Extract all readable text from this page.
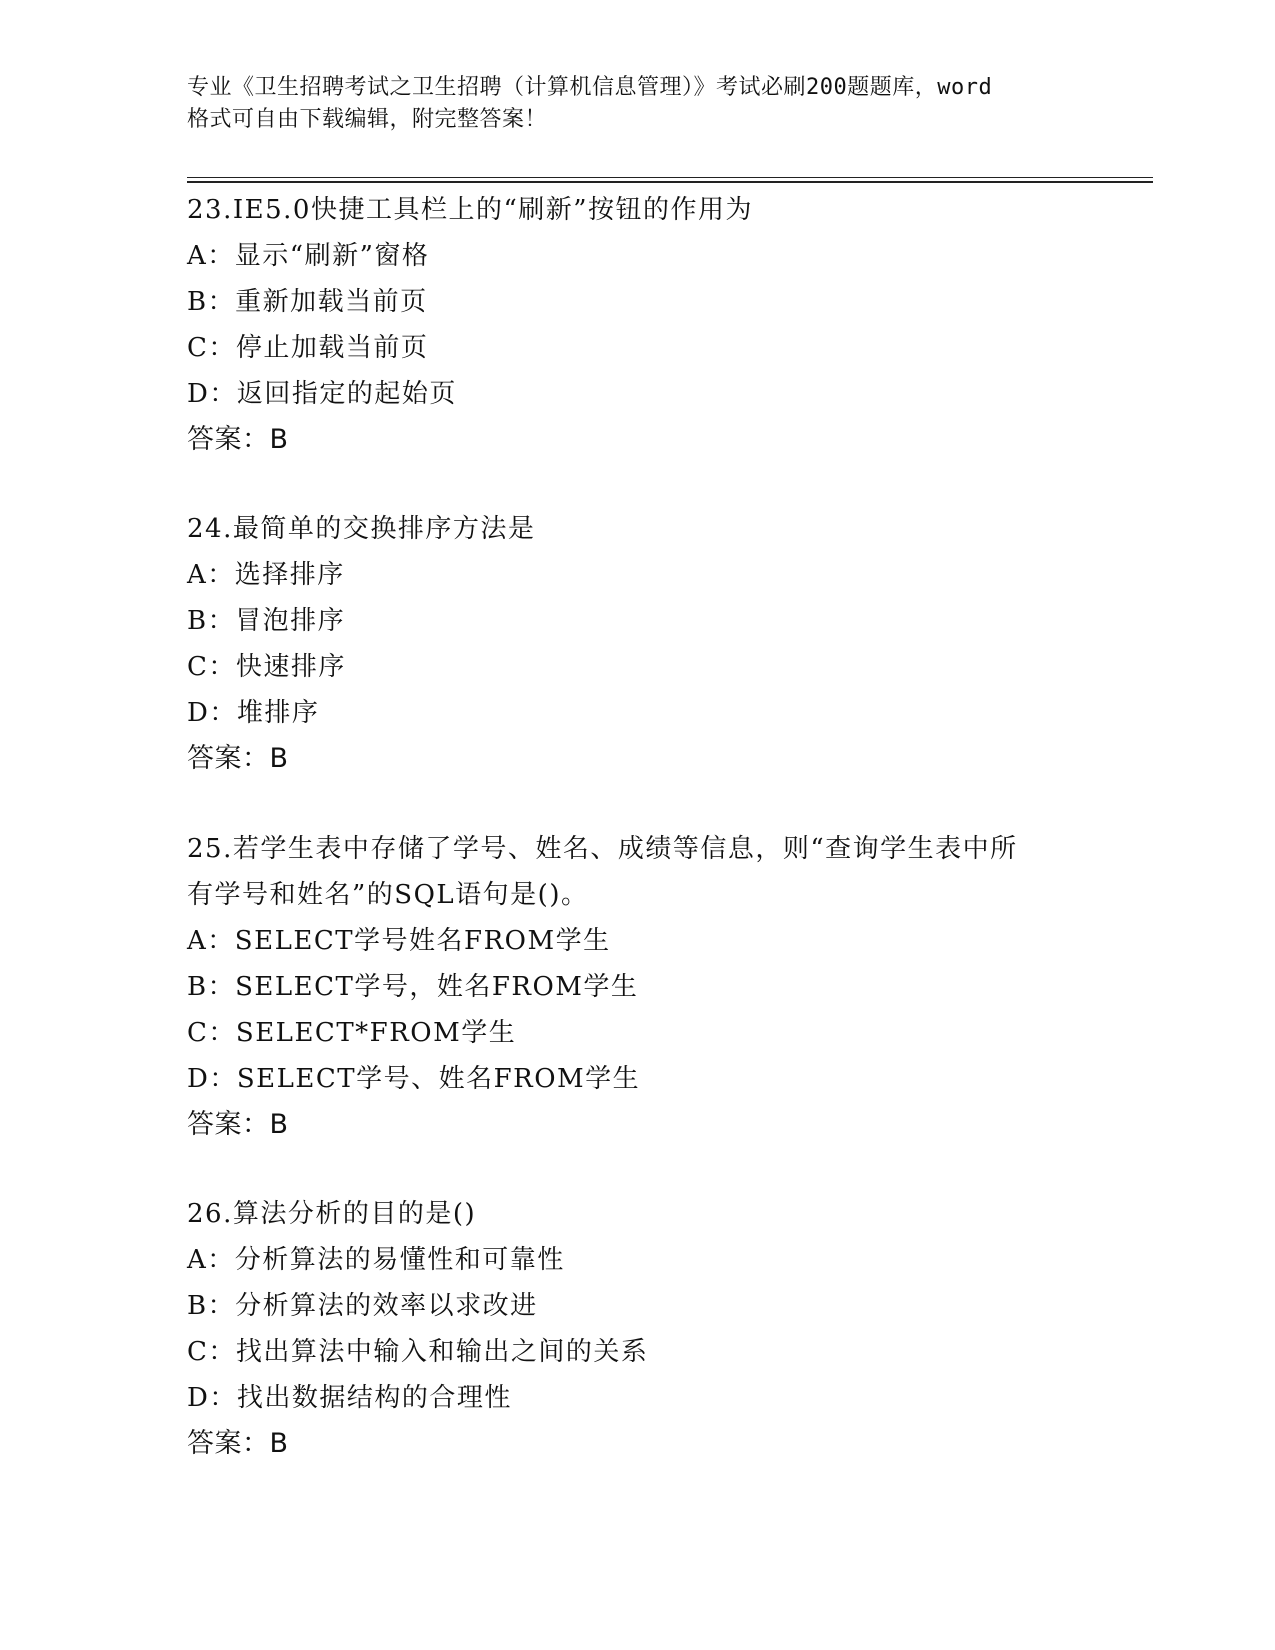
专业《卫生招聘考试之卫生招聘（计算机信息管理）》考试必刷200题题库，word
格式可自由下载编辑，附完整答案！
23.IE5.0快捷工具栏上的“刷新”按钮的作用为
A：显示“刷新”窗格
B：重新加载当前页
C：停止加载当前页
D：返回指定的起始页
答案：B
24.最简单的交换排序方法是
A：选择排序
B：冒泡排序
C：快速排序
D：堆排序
答案：B
25.若学生表中存储了学号、姓名、成绩等信息，则“查询学生表中所
有学号和姓名”的SQL语句是()。
A：SELECT学号姓名FROM学生
B：SELECT学号，姓名FROM学生
C：SELECT*FROM学生
D：SELECT学号、姓名FROM学生
答案：B
26.算法分析的目的是()
A：分析算法的易懂性和可靠性
B：分析算法的效率以求改进
C：找出算法中输入和输出之间的关系
D：找出数据结构的合理性
答案：B
